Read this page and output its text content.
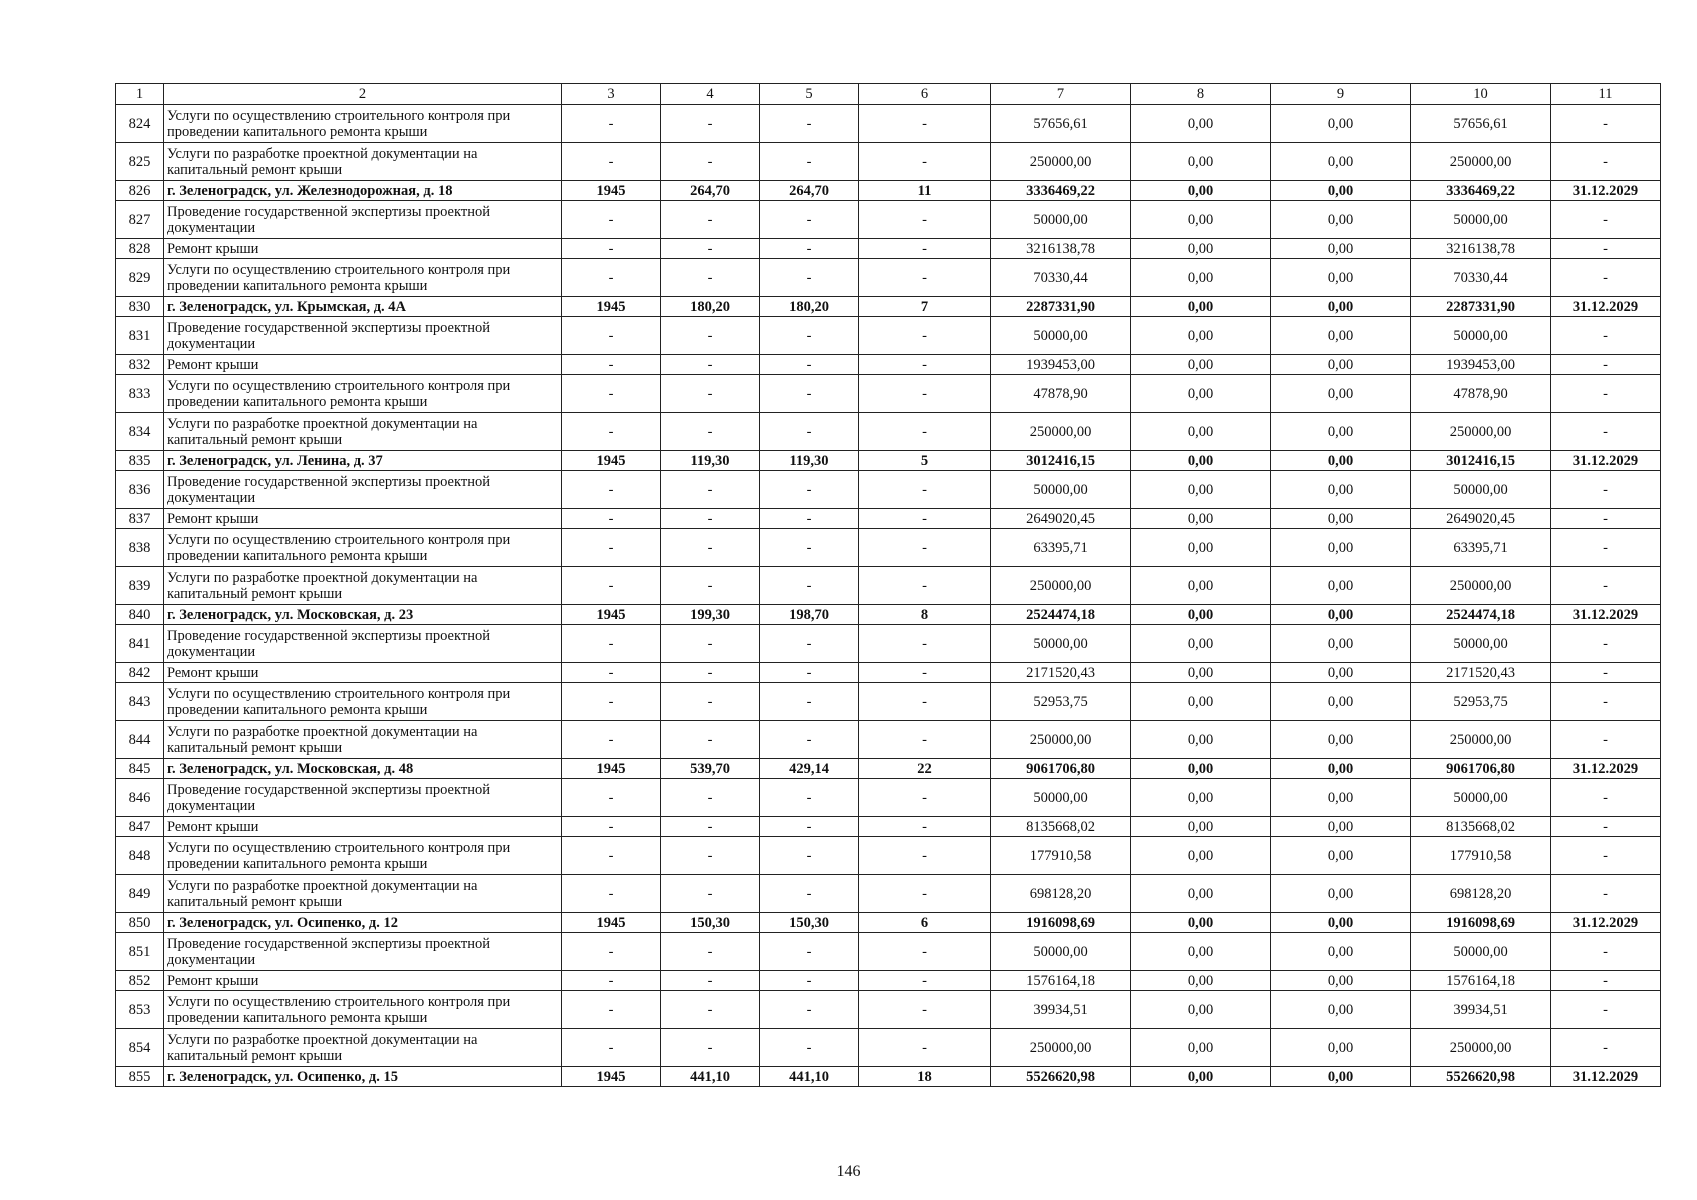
1	2	3	4	5	6	7	8	9	10	11
824	Услуги по осуществлению строительного контроля при проведении капитального ремонта крыши	-	-	-	-	57656,61	0,00	0,00	57656,61	-
825	Услуги по разработке проектной документации на капитальный ремонт крыши	-	-	-	-	250000,00	0,00	0,00	250000,00	-
826	г. Зеленоградск, ул. Железнодорожная, д. 18	1945	264,70	264,70	11	3336469,22	0,00	0,00	3336469,22	31.12.2029
827	Проведение государственной экспертизы проектной документации	-	-	-	-	50000,00	0,00	0,00	50000,00	-
828	Ремонт крыши	-	-	-	-	3216138,78	0,00	0,00	3216138,78	-
829	Услуги по осуществлению строительного контроля при проведении капитального ремонта крыши	-	-	-	-	70330,44	0,00	0,00	70330,44	-
830	г. Зеленоградск, ул. Крымская, д. 4А	1945	180,20	180,20	7	2287331,90	0,00	0,00	2287331,90	31.12.2029
831	Проведение государственной экспертизы проектной документации	-	-	-	-	50000,00	0,00	0,00	50000,00	-
832	Ремонт крыши	-	-	-	-	1939453,00	0,00	0,00	1939453,00	-
833	Услуги по осуществлению строительного контроля при проведении капитального ремонта крыши	-	-	-	-	47878,90	0,00	0,00	47878,90	-
834	Услуги по разработке проектной документации на капитальный ремонт крыши	-	-	-	-	250000,00	0,00	0,00	250000,00	-
835	г. Зеленоградск, ул. Ленина, д. 37	1945	119,30	119,30	5	3012416,15	0,00	0,00	3012416,15	31.12.2029
836	Проведение государственной экспертизы проектной документации	-	-	-	-	50000,00	0,00	0,00	50000,00	-
837	Ремонт крыши	-	-	-	-	2649020,45	0,00	0,00	2649020,45	-
838	Услуги по осуществлению строительного контроля при проведении капитального ремонта крыши	-	-	-	-	63395,71	0,00	0,00	63395,71	-
839	Услуги по разработке проектной документации на капитальный ремонт крыши	-	-	-	-	250000,00	0,00	0,00	250000,00	-
840	г. Зеленоградск, ул. Московская, д. 23	1945	199,30	198,70	8	2524474,18	0,00	0,00	2524474,18	31.12.2029
841	Проведение государственной экспертизы проектной документации	-	-	-	-	50000,00	0,00	0,00	50000,00	-
842	Ремонт крыши	-	-	-	-	2171520,43	0,00	0,00	2171520,43	-
843	Услуги по осуществлению строительного контроля при проведении капитального ремонта крыши	-	-	-	-	52953,75	0,00	0,00	52953,75	-
844	Услуги по разработке проектной документации на капитальный ремонт крыши	-	-	-	-	250000,00	0,00	0,00	250000,00	-
845	г. Зеленоградск, ул. Московская, д. 48	1945	539,70	429,14	22	9061706,80	0,00	0,00	9061706,80	31.12.2029
846	Проведение государственной экспертизы проектной документации	-	-	-	-	50000,00	0,00	0,00	50000,00	-
847	Ремонт крыши	-	-	-	-	8135668,02	0,00	0,00	8135668,02	-
848	Услуги по осуществлению строительного контроля при проведении капитального ремонта крыши	-	-	-	-	177910,58	0,00	0,00	177910,58	-
849	Услуги по разработке проектной документации на капитальный ремонт крыши	-	-	-	-	698128,20	0,00	0,00	698128,20	-
850	г. Зеленоградск, ул. Осипенко, д. 12	1945	150,30	150,30	6	1916098,69	0,00	0,00	1916098,69	31.12.2029
851	Проведение государственной экспертизы проектной документации	-	-	-	-	50000,00	0,00	0,00	50000,00	-
852	Ремонт крыши	-	-	-	-	1576164,18	0,00	0,00	1576164,18	-
853	Услуги по осуществлению строительного контроля при проведении капитального ремонта крыши	-	-	-	-	39934,51	0,00	0,00	39934,51	-
854	Услуги по разработке проектной документации на капитальный ремонт крыши	-	-	-	-	250000,00	0,00	0,00	250000,00	-
855	г. Зеленоградск, ул. Осипенко, д. 15	1945	441,10	441,10	18	5526620,98	0,00	0,00	5526620,98	31.12.2029
146
